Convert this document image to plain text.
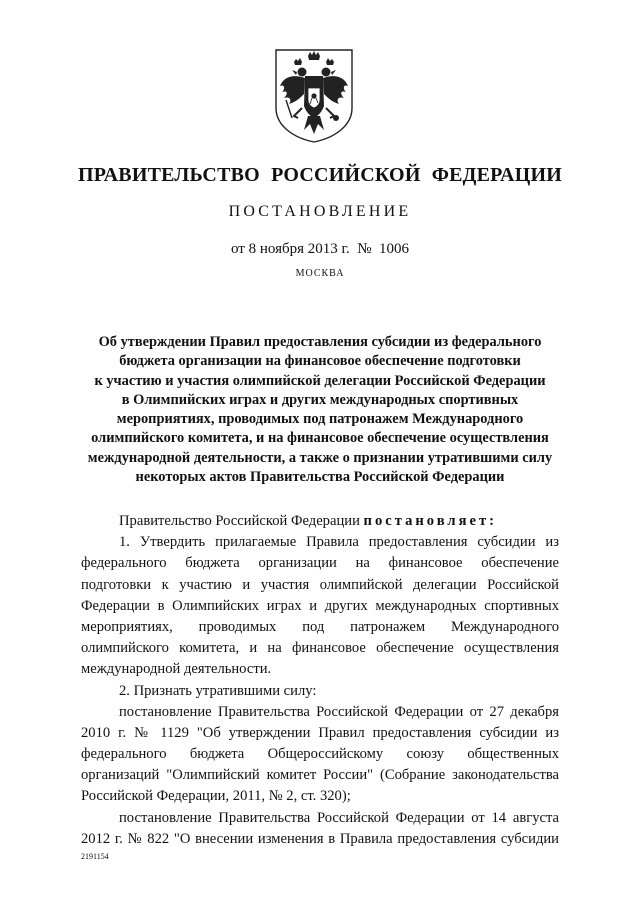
ПРАВИТЕЛЬСТВО РОССИЙСКОЙ ФЕДЕРАЦИИ
ПОСТАНОВЛЕНИЕ
от 8 ноября 2013 г.  №  1006
МОСКВА
Об утверждении Правил предоставления субсидии из федерального
бюджета организации на финансовое обеспечение подготовки
к участию и участия олимпийской делегации Российской Федерации
в Олимпийских играх и других международных спортивных
мероприятиях, проводимых под патронажем Международного
олимпийского комитета, и на финансовое обеспечение осуществления
международной деятельности, а также о признании утратившими силу
некоторых актов Правительства Российской Федерации
Правительство Российской Федерации постановляет:
1. Утвердить прилагаемые Правила предоставления субсидии из
федерального бюджета организации на финансовое обеспечение
подготовки к участию и участия олимпийской делегации Российской
Федерации в Олимпийских играх и других международных спортивных
мероприятиях, проводимых под патронажем Международного
олимпийского комитета, и на финансовое обеспечение осуществления
международной деятельности.
2. Признать утратившими силу:
постановление Правительства Российской Федерации от 27 декабря
2010 г. № 1129 "Об утверждении Правил предоставления субсидии из
федерального бюджета Общероссийскому союзу общественных
организаций "Олимпийский комитет России" (Собрание законодательства
Российской Федерации, 2011, № 2, ст. 320);
постановление Правительства Российской Федерации от 14 августа
2012 г. № 822 "О внесении изменения в Правила предоставления субсидии
2191154
